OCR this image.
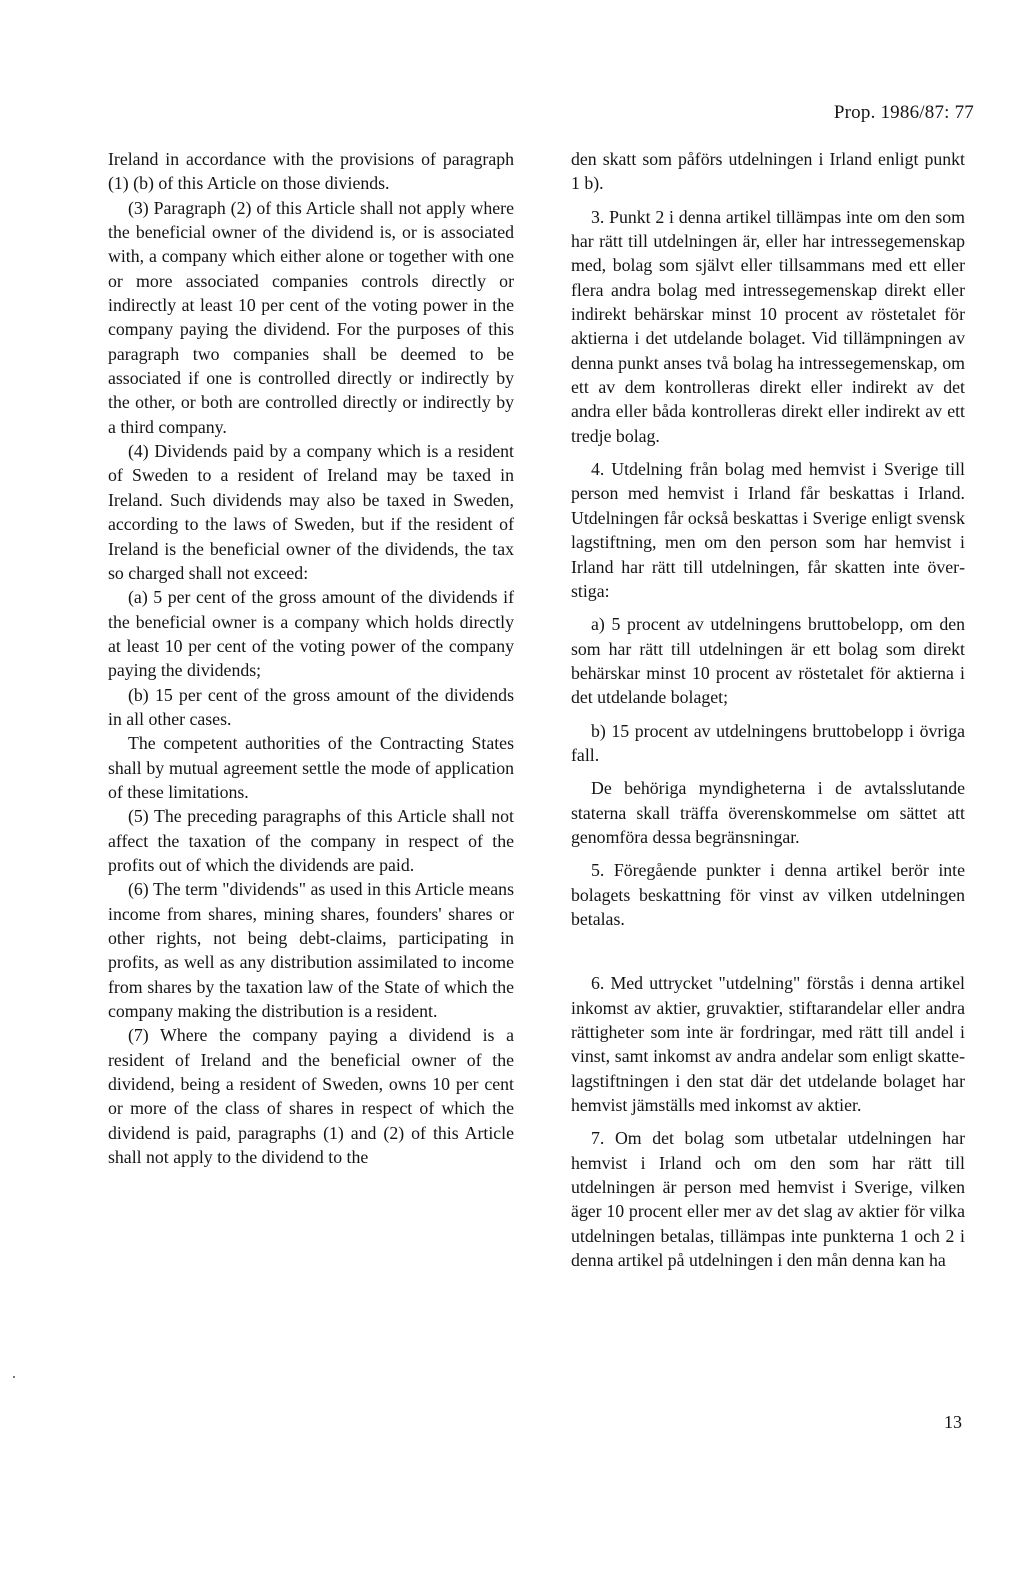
Prop. 1986/87: 77

Ireland in accordance with the provisions of paragraph (1) (b) of this Article on those diviends.

(3) Paragraph (2) of this Article shall not apply where the beneficial owner of the dividend is, or is associated with, a company which either alone or together with one or more associated companies controls directly or indirectly at least 10 per cent of the voting power in the company paying the dividend. For the purposes of this paragraph two companies shall be deemed to be associated if one is controlled directly or indirectly by the other, or both are controlled directly or indirectly by a third company.

(4) Dividends paid by a company which is a resident of Sweden to a resident of Ireland may be taxed in Ireland. Such dividends may also be taxed in Sweden, according to the laws of Sweden, but if the resident of Ireland is the beneficial owner of the dividends, the tax so charged shall not exceed:

(a) 5 per cent of the gross amount of the dividends if the beneficial owner is a company which holds directly at least 10 per cent of the voting power of the company paying the dividends;

(b) 15 per cent of the gross amount of the dividends in all other cases.

The competent authorities of the Contracting States shall by mutual agreement settle the mode of application of these limitations.

(5) The preceding paragraphs of this Article shall not affect the taxation of the company in respect of the profits out of which the dividends are paid.

(6) The term "dividends" as used in this Article means income from shares, mining shares, founders' shares or other rights, not being debt-claims, participating in profits, as well as any distribution assimilated to income from shares by the taxation law of the State of which the company making the distribution is a resident.

(7) Where the company paying a dividend is a resident of Ireland and the beneficial owner of the dividend, being a resident of Sweden, owns 10 per cent or more of the class of shares in respect of which the dividend is paid, paragraphs (1) and (2) of this Article shall not apply to the dividend to the

den skatt som påförs utdelningen i Irland enligt punkt 1 b).

3. Punkt 2 i denna artikel tillämpas inte om den som har rätt till utdelningen är, eller har intressegemenskap med, bolag som självt eller tillsammans med ett eller flera andra bolag med intressegemenskap direkt eller indirekt behärskar minst 10 procent av röstetalet för aktierna i det utdelande bolaget. Vid tillämpningen av denna punkt anses två bolag ha intressegemenskap, om ett av dem kontrolleras direkt eller indirekt av det andra eller båda kontrolleras direkt eller indirekt av ett tredje bolag.

4. Utdelning från bolag med hemvist i Sverige till person med hemvist i Irland får beskattas i Irland. Utdelningen får också beskattas i Sverige enligt svensk lagstiftning, men om den person som har hemvist i Irland har rätt till utdelningen, får skatten inte överstiga:

a) 5 procent av utdelningens bruttobelopp, om den som har rätt till utdelningen är ett bolag som direkt behärskar minst 10 procent av röstetalet för aktierna i det utdelande bolaget;

b) 15 procent av utdelningens bruttobelopp i övriga fall.

De behöriga myndigheterna i de avtalsslutande staterna skall träffa överenskommelse om sättet att genomföra dessa begränsningar.

5. Föregående punkter i denna artikel berör inte bolagets beskattning för vinst av vilken utdelningen betalas.

6. Med uttrycket "utdelning" förstås i denna artikel inkomst av aktier, gruvaktier, stiftarandelar eller andra rättigheter som inte är fordringar, med rätt till andel i vinst, samt inkomst av andra andelar som enligt skattelagstiftningen i den stat där det utdelande bolaget har hemvist jämställs med inkomst av aktier.

7. Om det bolag som utbetalar utdelningen har hemvist i Irland och om den som har rätt till utdelningen är person med hemvist i Sverige, vilken äger 10 procent eller mer av det slag av aktier för vilka utdelningen betalas, tillämpas inte punkterna 1 och 2 i denna artikel på utdelningen i den mån denna kan ha

13
